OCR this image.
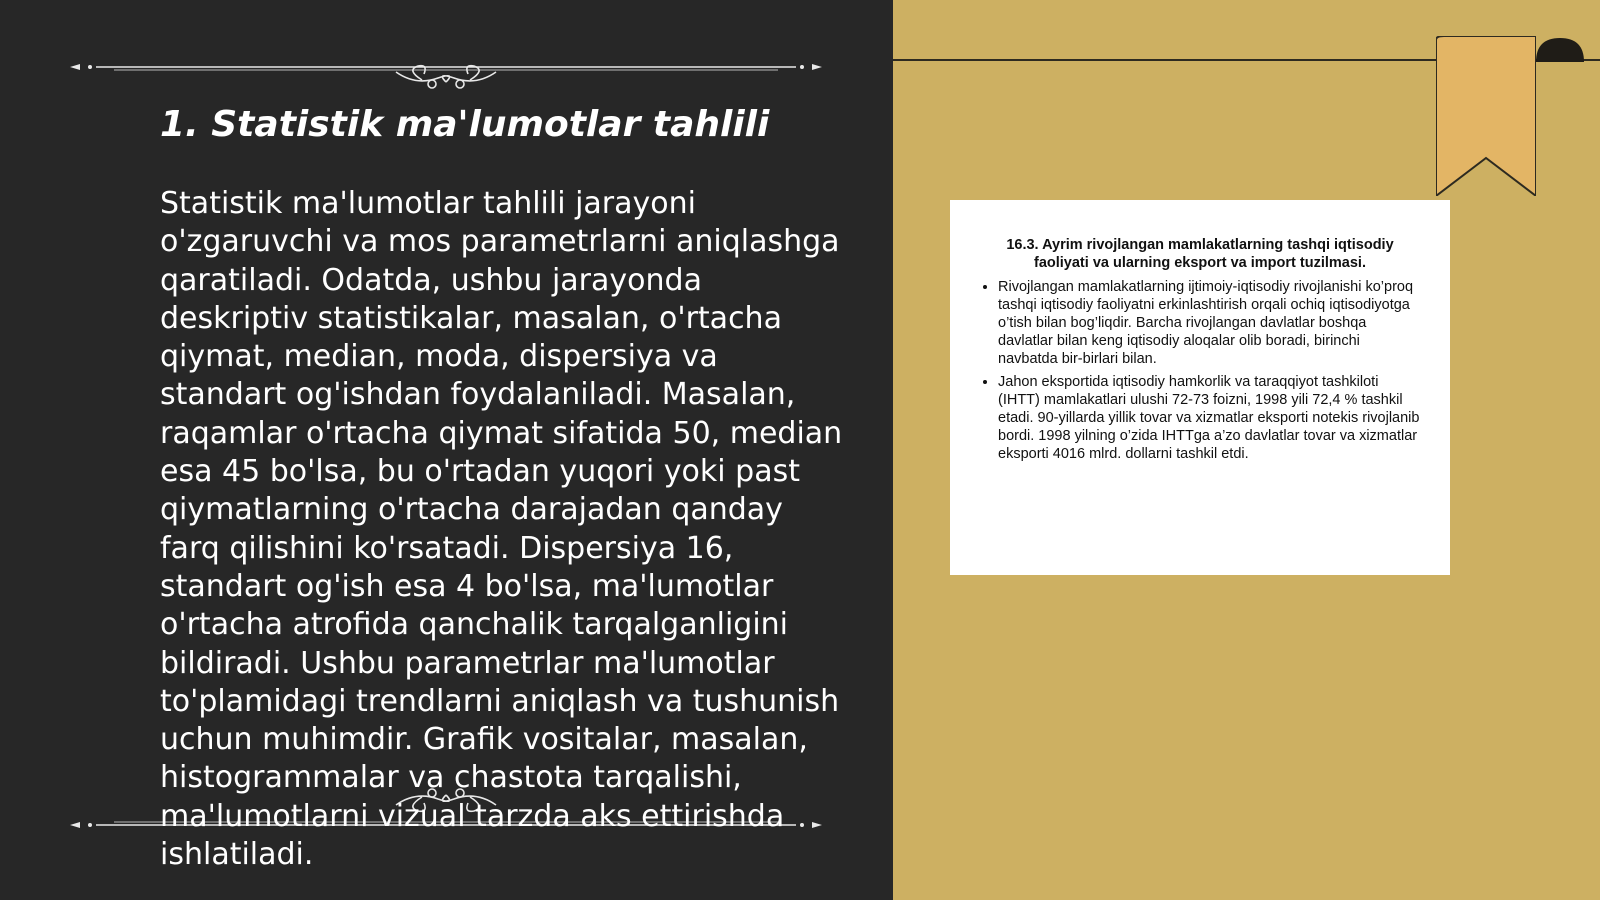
1. Statistik ma'lumotlar tahlili

Statistik ma'lumotlar tahlili jarayoni o'zgaruvchi va mos parametrlarni aniqlashga qaratiladi. Odatda, ushbu jarayonda deskriptiv statistikalar, masalan, o'rtacha qiymat, median, moda, dispersiya va standart og'ishdan foydalaniladi. Masalan, raqamlar o'rtacha qiymat sifatida 50, median esa 45 bo'lsa, bu o'rtadan yuqori yoki past qiymatlarning o'rtacha darajadan qanday farq qilishini ko'rsatadi. Dispersiya 16, standart og'ish esa 4 bo'lsa, ma'lumotlar o'rtacha atrofida qanchalik tarqalganligini bildiradi. Ushbu parametrlar ma'lumotlar to'plamidagi trendlarni aniqlash va tushunish uchun muhimdir. Grafik vositalar, masalan, histogrammalar va chastota tarqalishi, ma'lumotlarni vizual tarzda aks ettirishda ishlatiladi.

16.3. Ayrim rivojlangan mamlakatlarning tashqi iqtisodiy faoliyati va ularning eksport va import tuzilmasi.

• Rivojlangan mamlakatlarning ijtimoiy-iqtisodiy rivojlanishi ko’proq tashqi iqtisodiy faoliyatni erkinlashtirish orqali ochiq iqtisodiyotga o’tish bilan bog’liqdir. Barcha rivojlangan davlatlar boshqa davlatlar bilan keng iqtisodiy aloqalar olib boradi, birinchi navbatda bir-birlari bilan.
• Jahon eksportida iqtisodiy hamkorlik va taraqqiyot tashkiloti (IHTT) mamlakatlari ulushi 72-73 foizni, 1998 yili 72,4 % tashkil etadi. 90-yillarda yillik tovar va xizmatlar eksporti notekis rivojlanib bordi. 1998 yilning o’zida IHTTga a’zo davlatlar tovar va xizmatlar eksporti 4016 mlrd. dollarni tashkil etdi.
